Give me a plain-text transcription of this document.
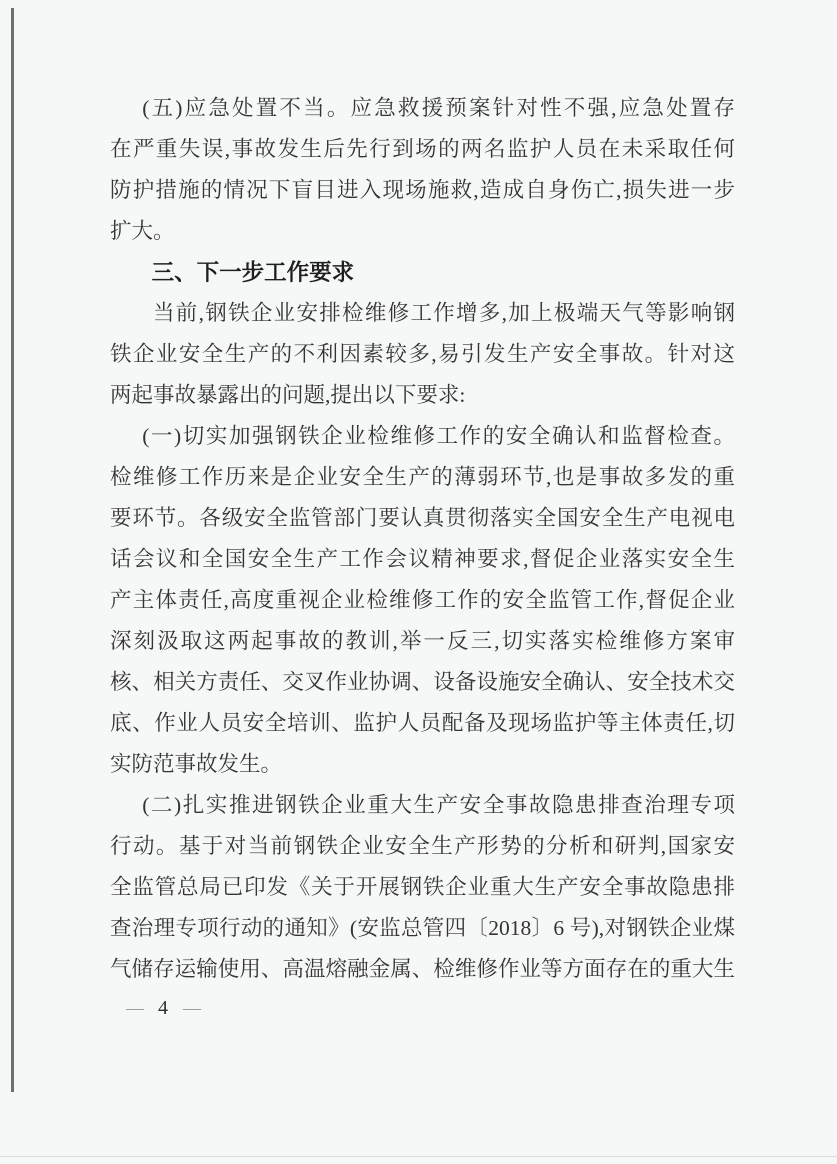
(五)应急处置不当。应急救援预案针对性不强,应急处置存
在严重失误,事故发生后先行到场的两名监护人员在未采取任何
防护措施的情况下盲目进入现场施救,造成自身伤亡,损失进一步
扩大。
三、下一步工作要求
当前,钢铁企业安排检维修工作增多,加上极端天气等影响钢
铁企业安全生产的不利因素较多,易引发生产安全事故。针对这
两起事故暴露出的问题,提出以下要求:
(一)切实加强钢铁企业检维修工作的安全确认和监督检查。
检维修工作历来是企业安全生产的薄弱环节,也是事故多发的重
要环节。各级安全监管部门要认真贯彻落实全国安全生产电视电
话会议和全国安全生产工作会议精神要求,督促企业落实安全生
产主体责任,高度重视企业检维修工作的安全监管工作,督促企业
深刻汲取这两起事故的教训,举一反三,切实落实检维修方案审
核、相关方责任、交叉作业协调、设备设施安全确认、安全技术交
底、作业人员安全培训、监护人员配备及现场监护等主体责任,切
实防范事故发生。
(二)扎实推进钢铁企业重大生产安全事故隐患排查治理专项
行动。基于对当前钢铁企业安全生产形势的分析和研判,国家安
全监管总局已印发《关于开展钢铁企业重大生产安全事故隐患排
查治理专项行动的通知》(安监总管四〔2018〕6 号),对钢铁企业煤
气储存运输使用、高温熔融金属、检维修作业等方面存在的重大生
— 4 —
